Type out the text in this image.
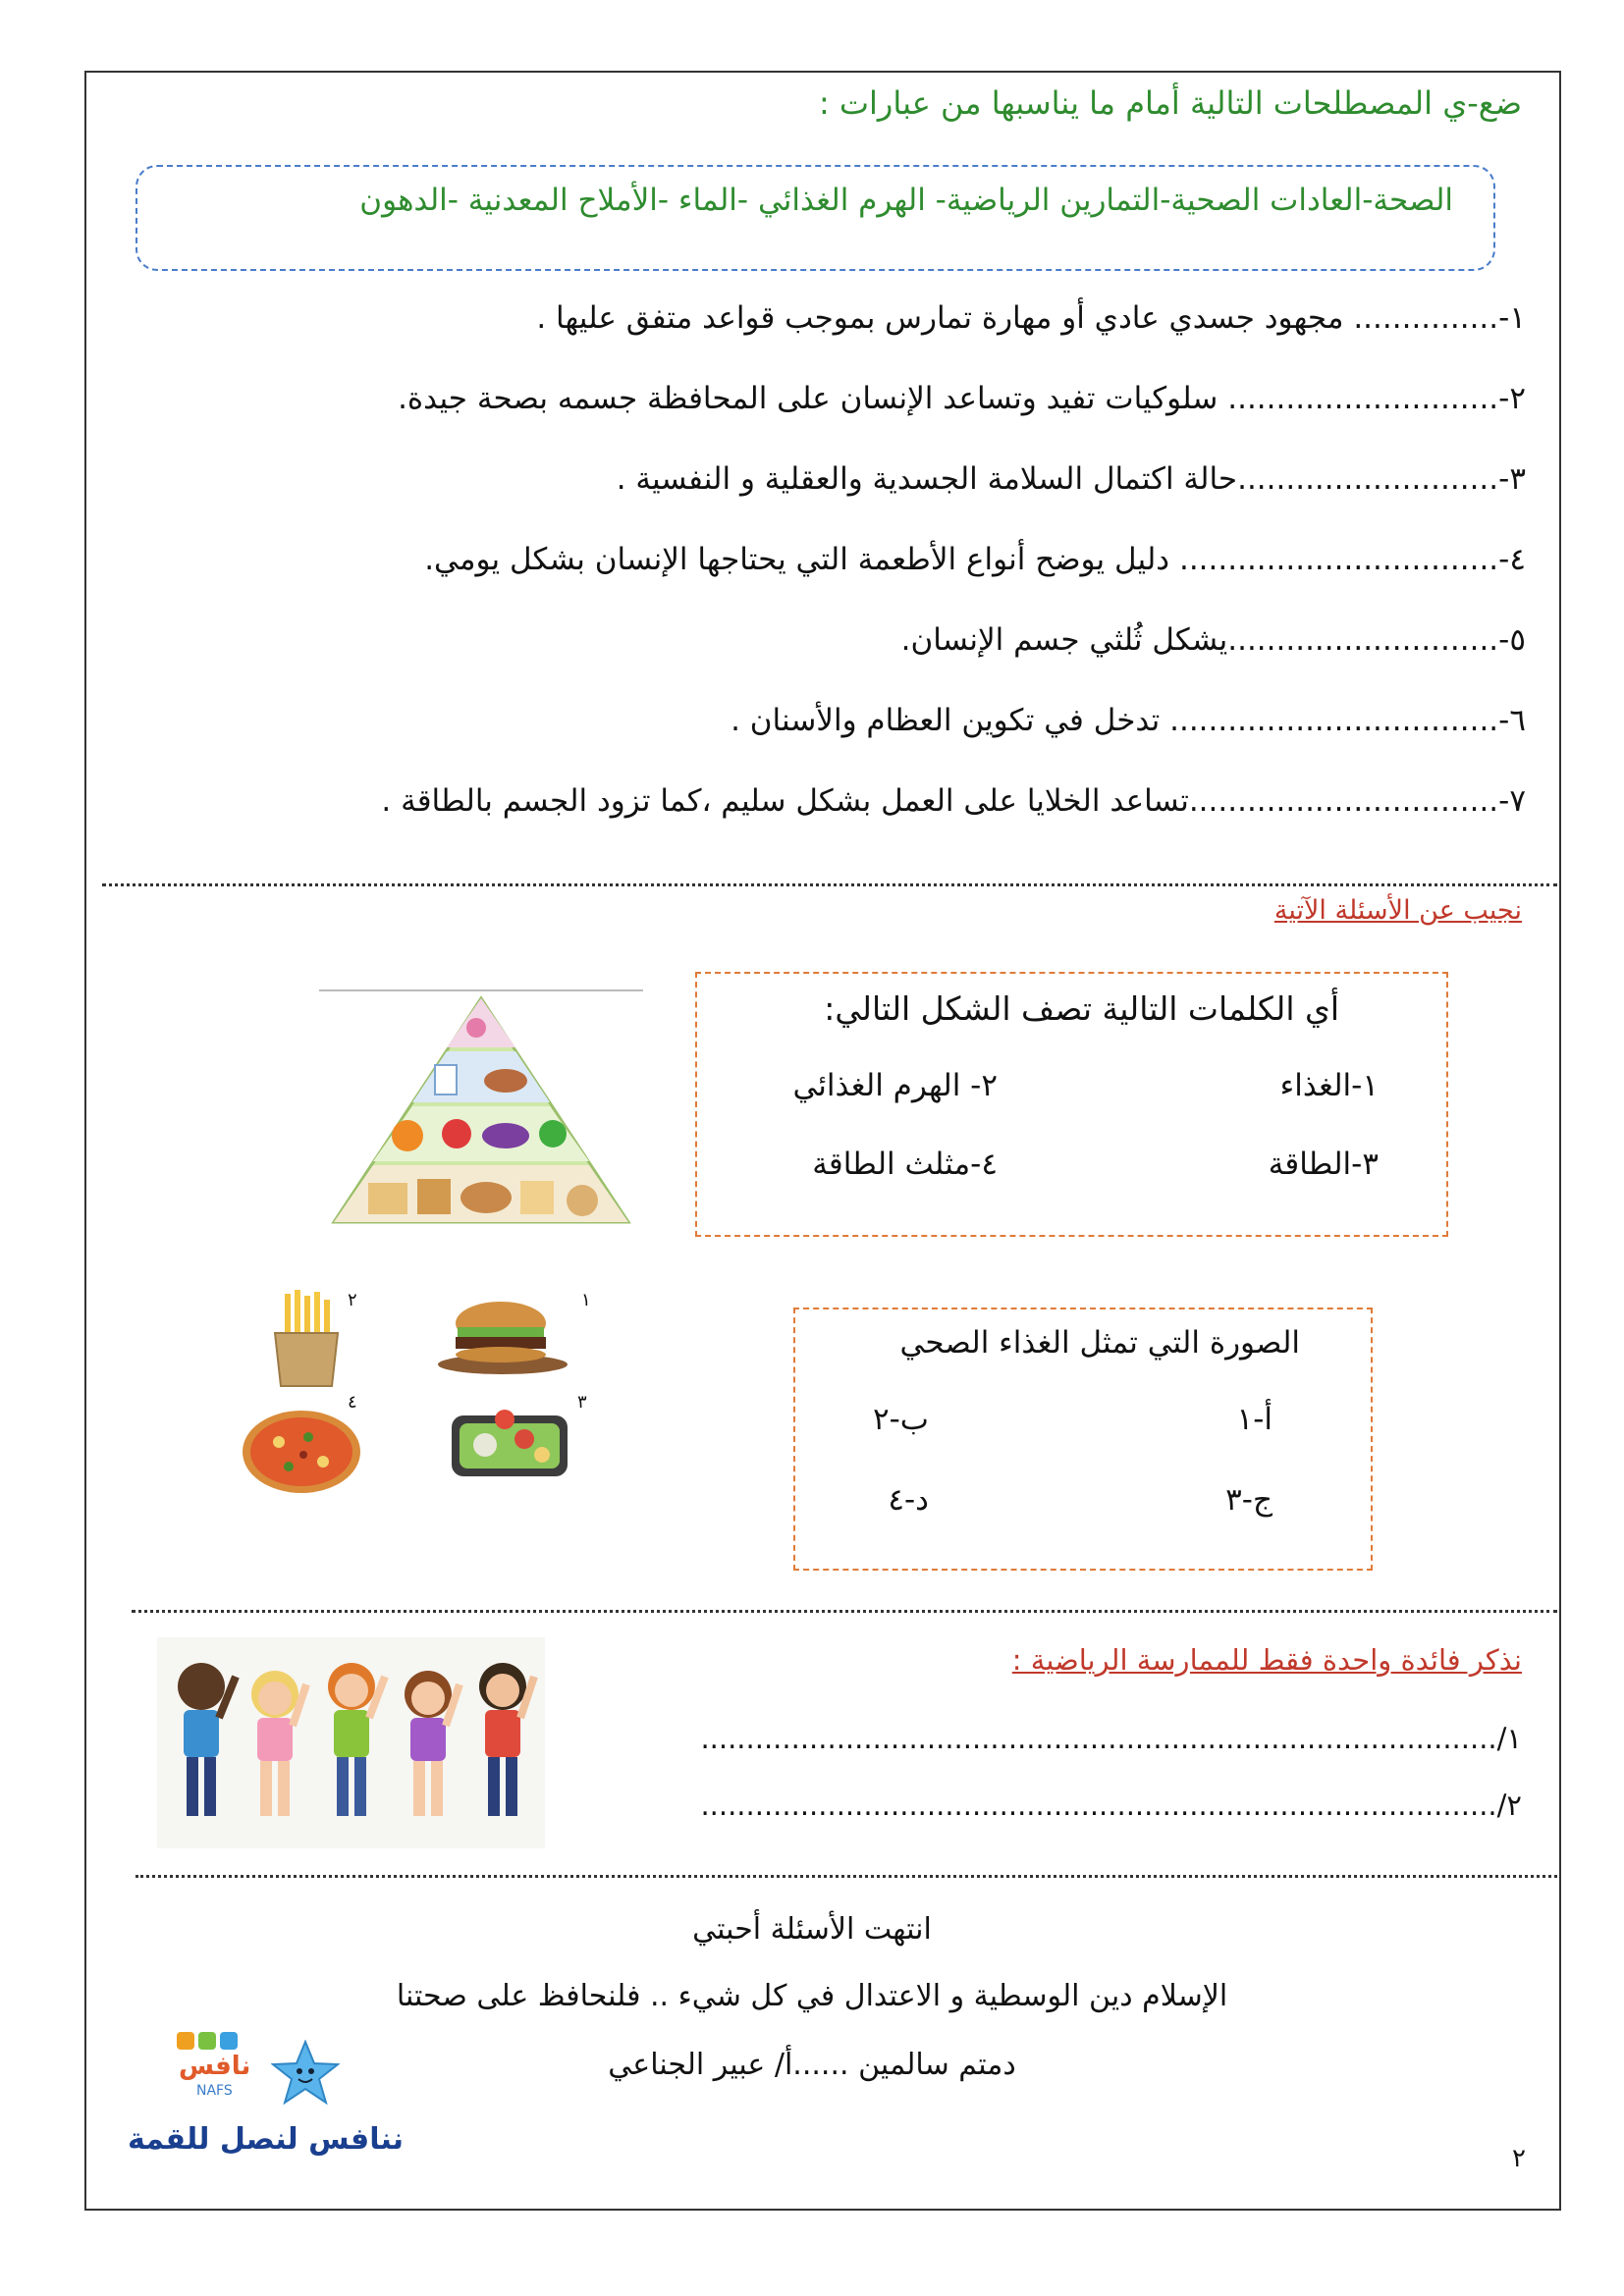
ضع-ي المصطلحات التالية أمام ما يناسبها من عبارات :
الصحة-العادات الصحية-التمارين الرياضية- الهرم الغذائي -الماء -الأملاح المعدنية -الدهون
١-............... مجهود جسدي عادي أو مهارة تمارس بموجب قواعد متفق عليها .
٢-............................ سلوكيات تفيد وتساعد الإنسان على المحافظة جسمه بصحة جيدة.
٣-...........................حالة اكتمال السلامة الجسدية والعقلية و النفسية .
٤-................................. دليل يوضح أنواع الأطعمة التي يحتاجها الإنسان بشكل يومي.
٥-............................يشكل ثُلثي جسم الإنسان.
٦-.................................. تدخل في تكوين العظام والأسنان .
٧-................................تساعد الخلايا على العمل بشكل سليم ،كما تزود الجسم بالطاقة .
نجيب عن الأسئلة الآتية
أي الكلمات التالية تصف الشكل التالي:
١-الغذاء
٢- الهرم الغذائي
٣-الطاقة
٤-مثلث الطاقة
١
٢
٣
٤
الصورة التي تمثل الغذاء الصحي
أ-١
ب-٢
ج-٣
د-٤
نذكر فائدة واحدة فقط للممارسة الرياضية :
١/........................................................................................
٢/........................................................................................
انتهت الأسئلة أحبتي
الإسلام دين الوسطية و الاعتدال في كل شيء .. فلنحافظ على صحتنا
دمتم سالمين ......أ/ عبير الجناعي
نافس
NAFS
ننافس لنصل للقمة
٢
